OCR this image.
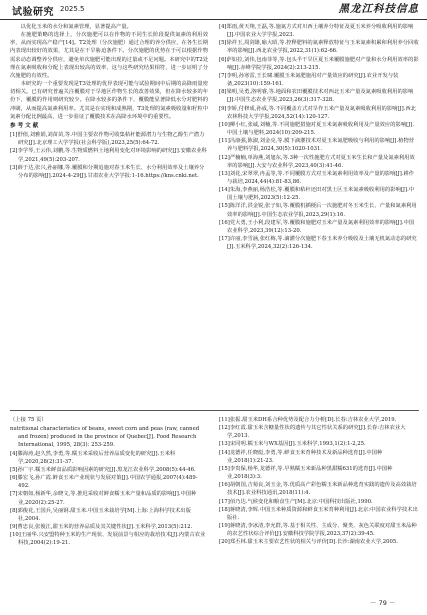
试验研究 2025.5	黑龙江科技信息

以优化玉米的水分和氮素管理，显著提高产量。

在施肥策略的选择上，分次施肥可以在作物的不同生长阶段提供氮素的利用效率，从而实现高产稳产[14]。T2处理（分次施肥）通过合理的养分供应，在各生长期内表现出较好的效果，尤其是在干旱胁迫条件下。分次施肥的优势在于可以根据作物需求动态调整养分供应，避免单次施肥可能出现的过量或不足问题。本研究中的T2处理在氮素吸收和分配上表现出较高的效率，这与这些研究结果相符，进一步证明了分次施肥的有效性。

本研究的一个重要发现是T3处理的优异表现可能与试验期间中后期的高降雨量密切相关。已有研究普遍关注覆膜对于旱地区作物生长的改善效果，但在降水较多的年份下，覆膜的作用则研究较少。在降水较多的条件下，覆膜能显著降低水分对肥料的冲刷，从而提高氮素利用率。尤其是在实现和成熟期，T3处理的氮素吸收量和籽粒中氮素分配比例最高，进一步验证了覆膜技术在高降水环境中的重要性。

参 考 文 献

[1]舒值,刘雅娟,刘苗苗,等.中国主要农作物可收集秸秆能源潜力与生物乙醇生产潜力研究[J].北京理工大学学报(社会科学版),2023,25(5):64-72.

[2]李学琴,王云伟,刘鹏,等.生物质燃料土地利用变化对环境影响的研究[J].安徽农业科学,2021,49(5):203-207.

[3]薛于达,张兴,孙丽娜,等.覆膜和分期追施对春玉米生长、水分利用效率及土壤养分分布的影响[J].2024-4-29[J].甘肃农业大学学报:1-16.https://kns.cnki.net.

[4]郑雨,黄天翔,王磊,等.施氮方式对川西土壤养分特征及夏玉米养分吸收利用的影响[J].中国农业大学学报,2023.

[5]徐祥玉,周剑雄,喻大昭,等.控释肥料的氮素释放特征与玉米氮素积累和利用养分回收率的影响[J].西北农业学报,2022,31(1):62-66.

[6]萨如拉,刘伟,包南菲等,等.包头半干旱区夏玉米覆膜施肥对产量和水分利用效率的影响[J].赤峰学院学报,2024(2):213-215.

[7]李明,孙寒雷,王长啸.覆膜玉米氮肥施用对产量效应的研究[J].农业开发与装备,2023(10):159-161.

[8]梁明,吴勇,洛明睿,等.地面和农田覆膜技术对西北玉米产量及氮素吸收利用的影响[J].中国生态农业学报,2023,26(3):317-328.

[9]李娇,付修成,孙成,等.不同覆盖方式对旱作玉米产量及氮素吸收利用的影响[J].西北农林科技大学学报,2024,52(14):120-127.

[10]柳小红,张诚,刘楠,等.不同施肥措施对夏玉米氮素吸收利用及产量效应的影响[J].中国土壤与肥料,2024(10):209-215.

[11]冯康强,陈淑,刘金亮,等.膜下滴灌技术对夏玉米氮肥吸收与利用的影响[J].植物营养与肥料学报,2024,30(5):1020-1031.

[12]严楠楠,单海燕,刘旭东,等.3种一次性施肥方式对夏玉米生长和产量及氮素利用效率的影响[J].大安与农业科学,2023,40(3):41-46.

[13]刘花,宋翠翠,冉孟等,等.不同覆膜方式对玉米氮素利用效率及产量的影响[J].耕作与栽培,2024,44(4):81-83,86.

[14]朱海,李燕丽,杨浩松,等.覆膜和秸秆还田对黑土区玉米氮素吸收利用的影响[J].中国土壤与肥料,2023(5):12-25.

[15]陈洋洋,洪金锐,张子如,等.覆膜机插梗后一次施肥对冬玉米生长、产量和氮素利用效率的影响[J].中国生态农业学报,2023,29(1):16.

[16]党大勇,王小利,段建军,等.覆膜和施肥对玉米产量及氮素利用效率的影响[J].中国农业科学,2023,39(12):13-20.

[17]许丽,李雪涵,张红梅,等.滴灌分次施肥下春玉米养分吸收及土壤无机氮动态的研究[J].玉米科学,2024,32(2):126-134.

（上接 75 页）

nutritional characteristics of beans, sweet corn and peas (raw, canned and frozen) produced in the province of Quebec[J]. Food Research International, 1995, 28(3): 253-259.

[4]滕海涛,赵久然,李勇,等.糯玉米采收后营养品质变化的研究[J].玉米科学,2020,28(2):31-37.

[5]孙广宇.糯玉米鲜食品质影响因素的研究[J].黑龙江农业科学,2008(5):44-46.

[6]滕宏飞,孙广霞.鲜食玉米产业现状与发展对策[J].中国农学通报,2007(4):489-492.

[7]宋朝如,杨新华,余晓文,等.推迟采收对鲜食糯玉米产量和品质的影响[J].中国种业,2020(2):25-27.

[8]郭俊花,王国兵,吴丽钢.甜玉米.中国玉米栽培学[M].上海:上海科学技术出版社,2004.

[9]曹忠良,张俊江,甜玉米的营养品质及其关键性状[J].玉米科学,2013(5):212.

[10]王丽华.兴安盟特种玉米的生产现状、发展前景与相应的栽培技术[J].内蒙古农业科技,2004(2):19-21.

[11]张振.甜玉米DH系合种优势及配合力分析[D].长春:吉林农业大学,2019.

[12]李红霞.甜玉米含糖量性状的遗传与其它性状关系的研究[J].长春:吉林农业大学,2013.

[13]宋同明.糯玉米与WX基因[J].玉米科学,1993,1(2):1-2,25.

[14]龙德祥,任晓彪,李勇,等.鲜食玉米育种技术及新品种选育[J].中国种业,2018(1):21-23.

[15]李贵保,杨华,龙德祥,等.早熟糯玉米新品种黑甜糯631的选育[J].中国种业,2018(3):3.

[16]胡朝国,吉菊良,刘玉金,等.优质高产彩色糯玉米新品种选育实践的遗传及高效栽培技术[J].农业科技通讯,2018(11):4.

[17]佰乃达.气候变化和粮食生产[M].北京:中国科技出版社,1990.

[18]蒋晓清,李辉.中国玉米种质资源和鲜食玉米育种利用[J].北京:中国农业科学技术出版社.

[19]蒋晓清,李冰清,李允群,等.基于相关性、主成分、聚类、灰色关联度对甜玉米品种的农艺性状综合评价[J].安徽科技学院学报,2023,37(2):39-45.

[20]郑丕林.甜玉米主要农艺性状的相关与评价[D].长沙:湖南农业大学,2005.

－ 79 －
